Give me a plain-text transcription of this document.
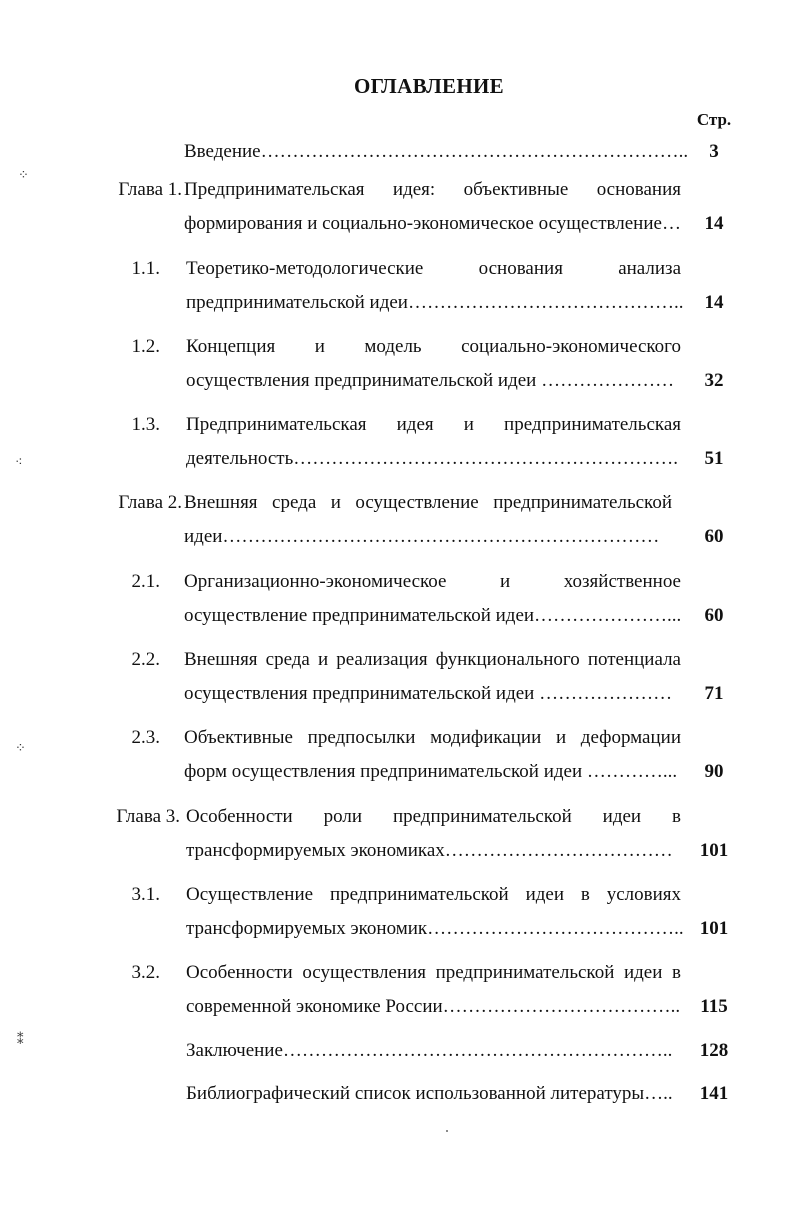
ОГЛАВЛЕНИЕ
Стр.
Введение…………………………………………………………..	3
Глава 1. Предпринимательская идея: объективные основания
формирования и социально-экономическое осуществление…	14
1.1. Теоретико-методологические основания анализа
предпринимательской идеи……………………………………..	14
1.2. Концепция и модель социально-экономического
осуществления предпринимательской идеи …………………	32
1.3. Предпринимательская идея и предпринимательская
деятельность…………………………………………………….	51
Глава 2. Внешняя среда и осуществление предпринимательской
идеи……………………………………………………………	60
2.1. Организационно-экономическое и хозяйственное
осуществление предпринимательской идеи…………………...	60
2.2. Внешняя среда и реализация функционального потенциала
осуществления предпринимательской идеи …………………	71
2.3. Объективные предпосылки модификации и деформации
форм осуществления предпринимательской идеи …………...	90
Глава 3. Особенности роли предпринимательской идеи в
трансформируемых экономиках………………………………	101
3.1. Осуществление предпринимательской идеи в условиях
трансформируемых экономик………………………………….. 101
3.2. Особенности осуществления предпринимательской идеи в
современной экономике России………………………………..	115
Заключение……………………………………………………..	128
Библиографический список использованной литературы…..	141
⁘
⁖
⁘
⁑
